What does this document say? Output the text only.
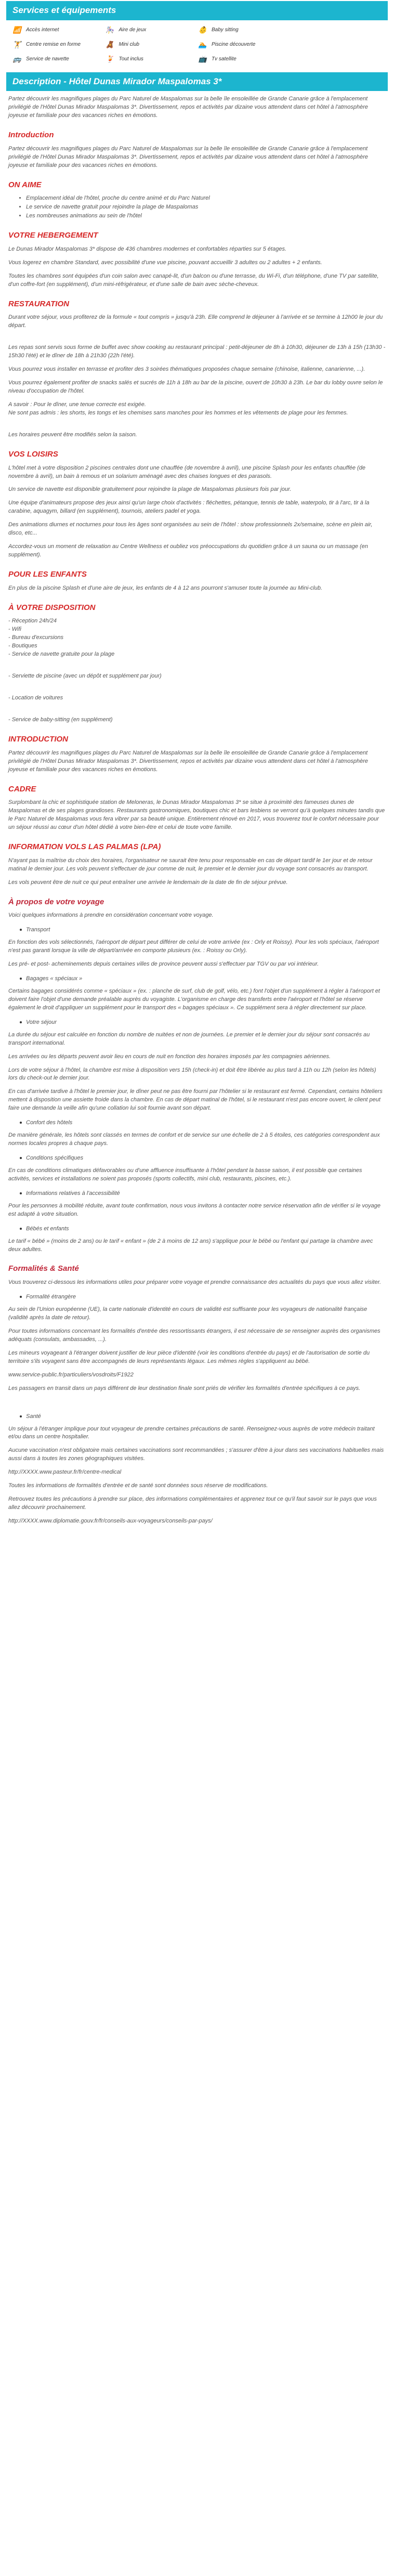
Services et équipements
📶 Accès internet	🎠 Aire de jeux	👶 Baby sitting
🏋 Centre remise en forme	🧸 Mini club	🏊 Piscine découverte
🚌 Service de navette	🍹 Tout inclus	📺 Tv satellite
Description - Hôtel Dunas Mirador Maspalomas 3*

Partez découvrir les magnifiques plages du Parc Naturel de Maspalomas sur la belle île ensoleillée de Grande Canarie grâce à l'emplacement privilégié de l'Hôtel Dunas Mirador Maspalomas 3*. Divertissement, repos et activités par dizaine vous attendent dans cet hôtel à l'atmosphère joyeuse et familiale pour des vacances riches en émotions.

Introduction

Partez découvrir les magnifiques plages du Parc Naturel de Maspalomas sur la belle île ensoleillée de Grande Canarie grâce à l'emplacement privilégié de l'Hôtel Dunas Mirador Maspalomas 3*. Divertissement, repos et activités par dizaine vous attendent dans cet hôtel à l'atmosphère joyeuse et familiale pour des vacances riches en émotions.

ON AIME
• Emplacement idéal de l'hôtel, proche du centre animé et du Parc Naturel
• Le service de navette gratuit pour rejoindre la plage de Maspalomas
• Les nombreuses animations au sein de l'hôtel
VOTRE HEBERGEMENT

Le Dunas Mirador Maspalomas 3* dispose de 436 chambres modernes et confortables réparties sur 5 étages.

Vous logerez en chambre Standard, avec possibilité d'une vue piscine, pouvant accueillir 3 adultes ou 2 adultes + 2 enfants.

Toutes les chambres sont équipées d'un coin salon avec canapé-lit, d'un balcon ou d'une terrasse, du Wi-Fi, d'un téléphone, d'une TV par satellite, d'un coffre-fort (en supplément), d'un mini-réfrigérateur, et d'une salle de bain avec sèche-cheveux.

RESTAURATION

Durant votre séjour, vous profiterez de la formule « tout compris » jusqu'à 23h. Elle comprend le déjeuner à l'arrivée et se termine à 12h00 le jour du départ.

Les repas sont servis sous forme de buffet avec show cooking au restaurant principal : petit-déjeuner de 8h à 10h30, déjeuner de 13h à 15h (13h30 - 15h30 l'été) et le dîner de 18h à 21h30 (22h l'été).

Vous pourrez vous installer en terrasse et profiter des 3 soirées thématiques proposées chaque semaine (chinoise, italienne, canarienne, ...).

Vous pourrez également profiter de snacks salés et sucrés de 11h à 18h au bar de la piscine, ouvert de 10h30 à 23h. Le bar du lobby ouvre selon le niveau d'occupation de l'hôtel.

A savoir : Pour le dîner, une tenue correcte est exigée.

Ne sont pas admis : les shorts, les tongs et les chemises sans manches pour les hommes et les vêtements de plage pour les femmes.

Les horaires peuvent être modifiés selon la saison.

VOS LOISIRS

L'hôtel met à votre disposition 2 piscines centrales dont une chauffée (de novembre à avril), une piscine Splash pour les enfants chauffée (de novembre à avril), un bain à remous et un solarium aménagé avec des chaises longues et des parasols.

Un service de navette est disponible gratuitement pour rejoindre la plage de Maspalomas plusieurs fois par jour.

Une équipe d'animateurs propose des jeux ainsi qu'un large choix d'activités : fléchettes, pétanque, tennis de table, waterpolo, tir à l'arc, tir à la carabine, aquagym, billard (en supplément), tournois, ateliers padel et yoga.

Des animations diurnes et nocturnes pour tous les âges sont organisées au sein de l'hôtel : show professionnels 2x/semaine, scène en plein air, disco, etc...

Accordez-vous un moment de relaxation au Centre Wellness et oubliez vos préoccupations du quotidien grâce à un sauna ou un massage (en supplément).

POUR LES ENFANTS

En plus de la piscine Splash et d'une aire de jeux, les enfants de 4 à 12 ans pourront s'amuser toute la journée au Mini-club.

À VOTRE DISPOSITION

- Réception 24h/24

- Wifi

- Bureau d'excursions

- Boutiques

- Service de navette gratuite pour la plage

- Serviette de piscine (avec un dépôt et supplément par jour)

- Location de voitures

- Service de baby-sitting (en supplément)

INTRODUCTION

Partez découvrir les magnifiques plages du Parc Naturel de Maspalomas sur la belle île ensoleillée de Grande Canarie grâce à l'emplacement privilégié de l'Hôtel Dunas Mirador Maspalomas 3*. Divertissement, repos et activités par dizaine vous attendent dans cet hôtel à l'atmosphère joyeuse et familiale pour des vacances riches en émotions.

CADRE

Surplombant la chic et sophistiquée station de Meloneras, le Dunas Mirador Maspalomas 3* se situe à proximité des fameuses dunes de Maspalomas et de ses plages grandioses. Restaurants gastronomiques, boutiques chic et bars lesbiens se verront qu'à quelques minutes tandis que le Parc Naturel de Maspalomas vous fera vibrer par sa beauté unique. Entièrement rénové en 2017, vous trouverez tout le confort nécessaire pour un séjour réussi au cœur d'un hôtel dédié à votre bien-être et celui de toute votre famille.

INFORMATION VOLS LAS PALMAS (LPA)

N'ayant pas la maîtrise du choix des horaires, l'organisateur ne saurait être tenu pour responsable en cas de départ tardif le 1er jour et de retour matinal le dernier jour. Les vols peuvent s'effectuer de jour comme de nuit, le premier et le dernier jour du voyage sont consacrés au transport.

Les vols peuvent être de nuit ce qui peut entraîner une arrivée le lendemain de la date de fin de séjour prévue.

À propos de votre voyage

Voici quelques informations à prendre en considération concernant votre voyage.

Transport

En fonction des vols sélectionnés, l'aéroport de départ peut différer de celui de votre arrivée (ex : Orly et Roissy). Pour les vols spéciaux, l'aéroport n'est pas garanti lorsque la ville de départ/arrivée en comporte plusieurs (ex. : Roissy ou Orly).

Les pré- et post- acheminements depuis certaines villes de province peuvent aussi s'effectuer par TGV ou par voi intérieur.

Bagages « spéciaux »

Certains bagages considérés comme « spéciaux » (ex. : planche de surf, club de golf, vélo, etc.) font l'objet d'un supplément à régler à l'aéroport et doivent faire l'objet d'une demande préalable auprès du voyagiste. L'organisme en charge des transferts entre l'aéroport et l'hôtel se réserve également le droit d'appliquer un supplément pour le transport des « bagages spéciaux ». Ce supplément sera à régler directement sur place.

Votre séjour

La durée du séjour est calculée en fonction du nombre de nuitées et non de journées. Le premier et le dernier jour du séjour sont consacrés au transport international.

Les arrivées ou les départs peuvent avoir lieu en cours de nuit en fonction des horaires imposés par les compagnies aériennes.

Lors de votre séjour à l'hôtel, la chambre est mise à disposition vers 15h (check-in) et doit être libérée au plus tard à 11h ou 12h (selon les hôtels) lors du check-out le dernier jour.

En cas d'arrivée tardive à l'hôtel le premier jour, le dîner peut ne pas être fourni par l'hôtelier si le restaurant est fermé. Cependant, certains hôteliers mettent à disposition une assiette froide dans la chambre. En cas de départ matinal de l'hôtel, si le restaurant n'est pas encore ouvert, le client peut faire une demande la veille afin qu'une collation lui soit fournie avant son départ.

Confort des hôtels

De manière générale, les hôtels sont classés en termes de confort et de service sur une échelle de 2 à 5 étoiles, ces catégories correspondent aux normes locales propres à chaque pays.

Conditions spécifiques

En cas de conditions climatiques défavorables ou d'une affluence insuffisante à l'hôtel pendant la basse saison, il est possible que certaines activités, services et installations ne soient pas proposés (sports collectifs, mini club, restaurants, piscines, etc.).

Informations relatives à l'accessibilité

Pour les personnes à mobilité réduite, avant toute confirmation, nous vous invitons à contacter notre service réservation afin de vérifier si le voyage est adapté à votre situation.

Bébés et enfants

Le tarif « bébé » (moins de 2 ans) ou le tarif « enfant » (de 2 à moins de 12 ans) s'applique pour le bébé ou l'enfant qui partage la chambre avec deux adultes.

Formalités & Santé

Vous trouverez ci-dessous les informations utiles pour préparer votre voyage et prendre connaissance des actualités du pays que vous allez visiter.

Formalité étrangère

Au sein de l'Union européenne (UE), la carte nationale d'identité en cours de validité est suffisante pour les voyageurs de nationalité française (validité après la date de retour).

Pour toutes informations concernant les formalités d'entrée des ressortissants étrangers, il est nécessaire de se renseigner auprès des organismes adéquats (consulats, ambassades, ...).

Les mineurs voyageant à l'étranger doivent justifier de leur pièce d'identité (voir les conditions d'entrée du pays) et de l'autorisation de sortie du territoire s'ils voyagent sans être accompagnés de leurs représentants légaux. Les mêmes règles s'appliquent au bébé.

www.service-public.fr/particuliers/vosdroits/F1922

Les passagers en transit dans un pays différent de leur destination finale sont priés de vérifier les formalités d'entrée spécifiques à ce pays.

Santé

Un séjour à l'étranger implique pour tout voyageur de prendre certaines précautions de santé. Renseignez-vous auprès de votre médecin traitant et/ou dans un centre hospitalier.

Aucune vaccination n'est obligatoire mais certaines vaccinations sont recommandées ; s'assurer d'être à jour dans ses vaccinations habituelles mais aussi dans à toutes les zones géographiques visitées.

http://XXXX.www.pasteur.fr/fr/centre-medical

Toutes les informations de formalités d'entrée et de santé sont données sous réserve de modifications.

Retrouvez toutes les précautions à prendre sur place, des informations complémentaires et apprenez tout ce qu'il faut savoir sur le pays que vous allez découvrir prochainement.

http://XXXX.www.diplomatie.gouv.fr/fr/conseils-aux-voyageurs/conseils-par-pays/
